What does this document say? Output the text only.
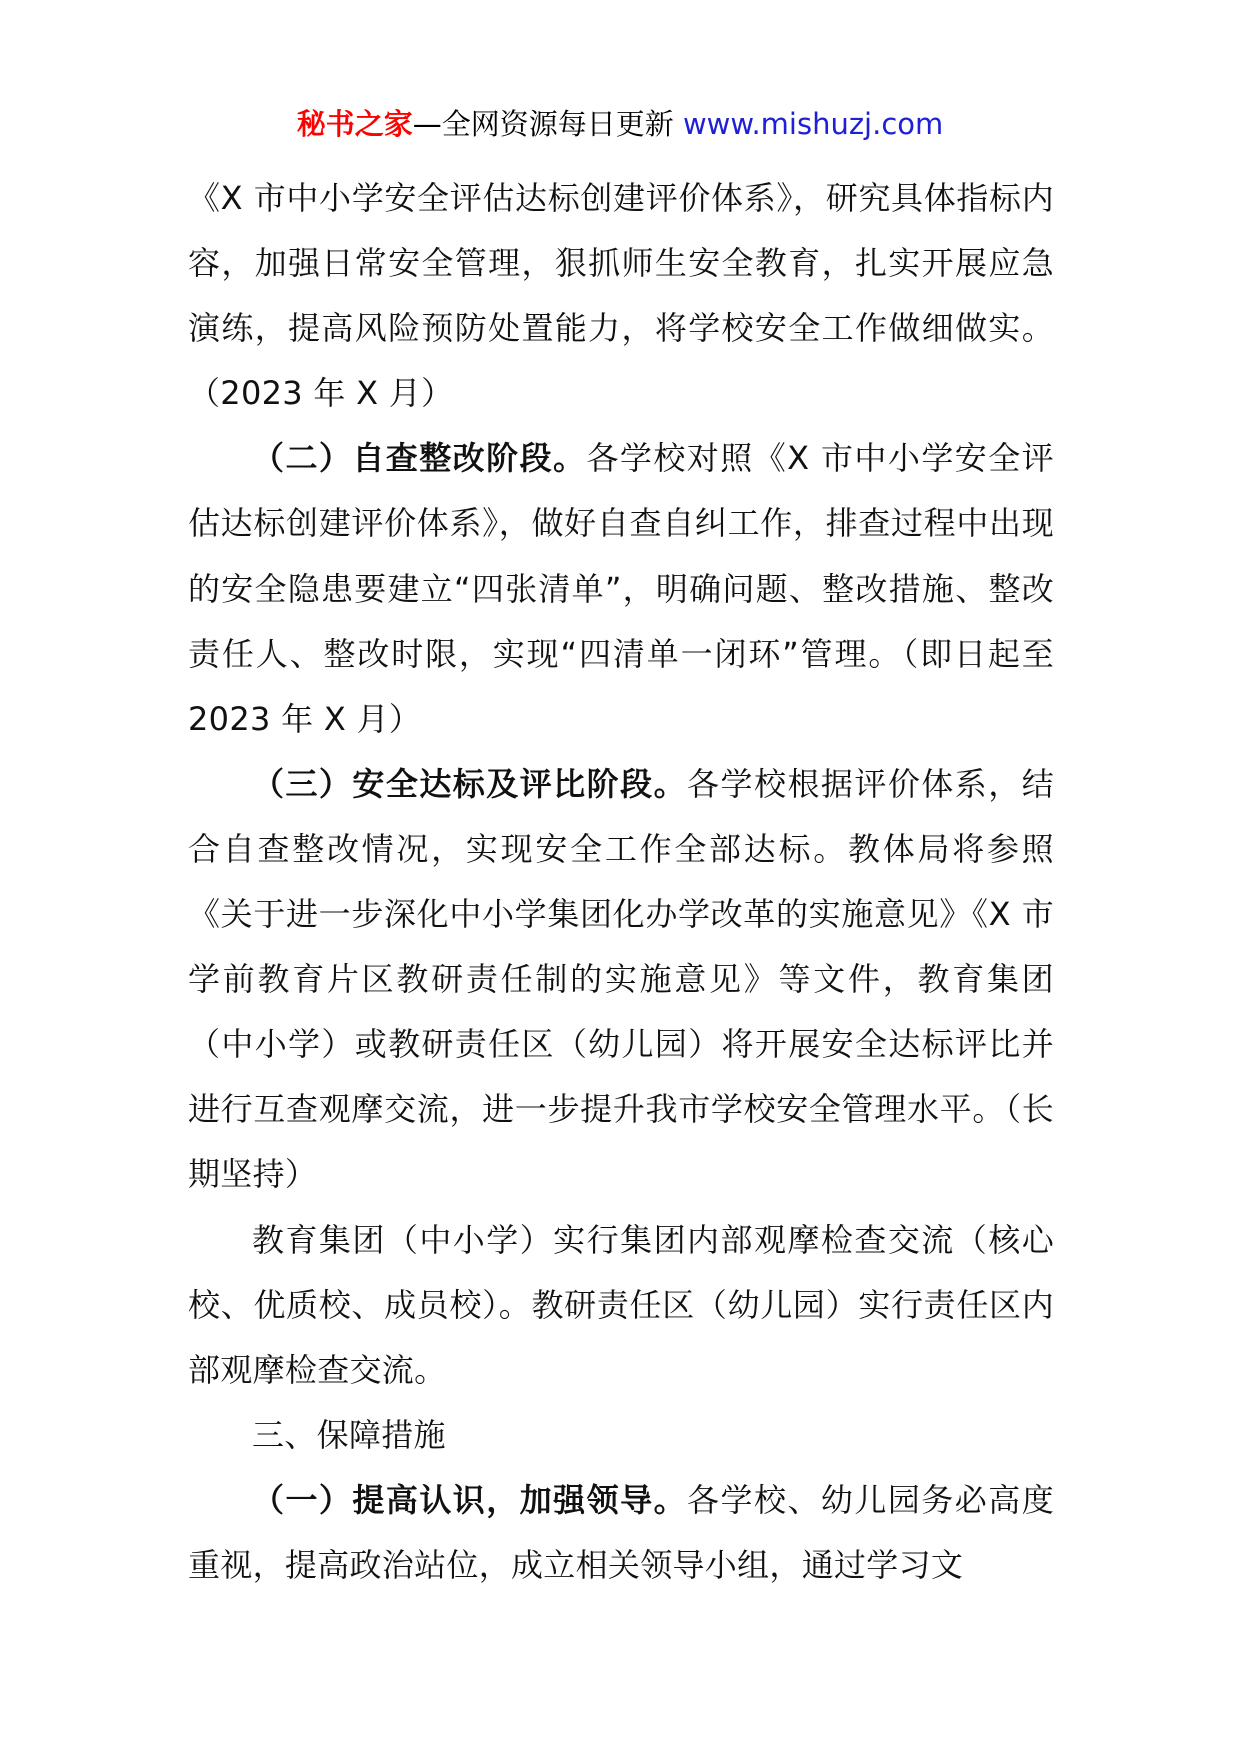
秘书之家—全网资源每日更新 www.mishuzj.com

《X 市中小学安全评估达标创建评价体系》，研究具体指标内容，加强日常安全管理，狠抓师生安全教育，扎实开展应急演练，提高风险预防处置能力，将学校安全工作做细做实。（2023 年 X 月）

（二）自查整改阶段。各学校对照《X 市中小学安全评估达标创建评价体系》，做好自查自纠工作，排查过程中出现的安全隐患要建立“四张清单”，明确问题、整改措施、整改责任人、整改时限，实现“四清单一闭环”管理。（即日起至 2023 年 X 月）

（三）安全达标及评比阶段。各学校根据评价体系，结合自查整改情况，实现安全工作全部达标。教体局将参照《关于进一步深化中小学集团化办学改革的实施意见》《X 市学前教育片区教研责任制的实施意见》等文件，教育集团（中小学）或教研责任区（幼儿园）将开展安全达标评比并进行互查观摩交流，进一步提升我市学校安全管理水平。（长期坚持）

教育集团（中小学）实行集团内部观摩检查交流（核心校、优质校、成员校）。教研责任区（幼儿园）实行责任区内部观摩检查交流。

三、保障措施

（一）提高认识，加强领导。各学校、幼儿园务必高度重视，提高政治站位，成立相关领导小组，通过学习文
